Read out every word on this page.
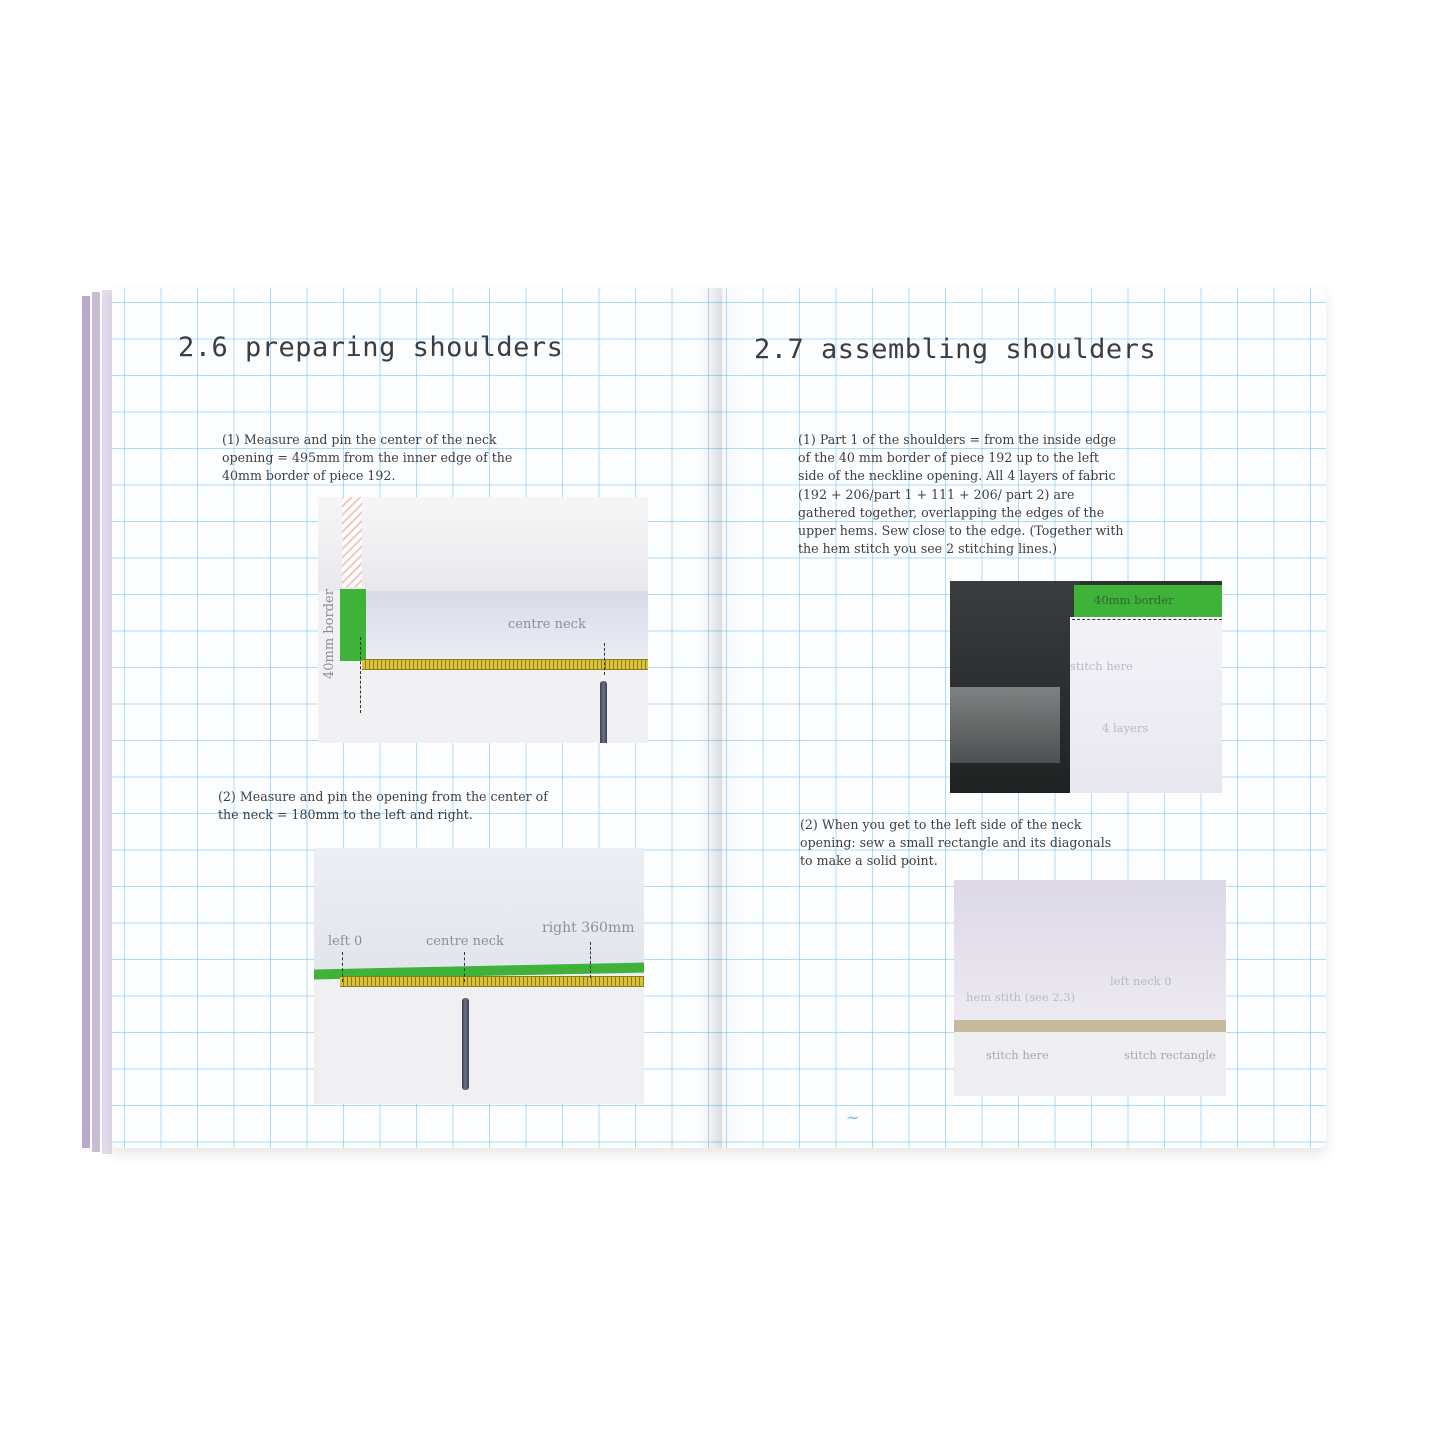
2.6 preparing shoulders

(1) Measure and pin the center of the neck opening = 495mm from the inner edge of the 40mm border of piece 192.

40mm border	centre neck

(2) Measure and pin the opening from the center of the neck = 180mm to the left and right.

left 0	centre neck
right 360mm
2.7 assembling shoulders

(1) Part 1 of the shoulders = from the inside edge of the 40 mm border of piece 192 up to the left side of the neckline opening. All 4 layers of fabric (192 + 206/part 1 + 111 + 206/ part 2) are gathered together, overlapping the edges of the upper hems. Sew close to the edge. (Together with the hem stitch you see 2 stitching lines.)

40mm border
stitch here
4 layers

(2) When you get to the left side of the neck opening: sew a small rectangle and its diagonals to make a solid point.

hem stith (see 2.3)
left neck 0
stitch here	stitch rectangle
~
